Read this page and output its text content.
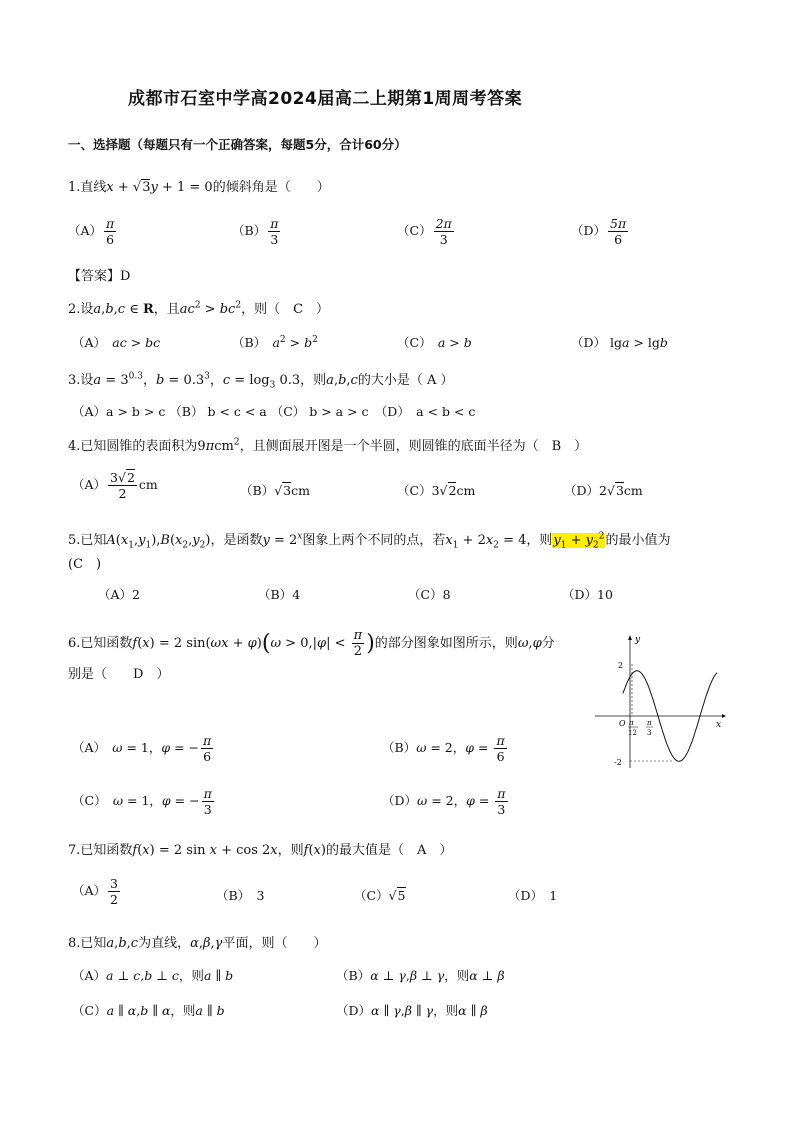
成都市石室中学高2024届高二上期第1周周考答案
一、选择题（每题只有一个正确答案，每题5分，合计60分）
1.直线x + √3y + 1 = 0的倾斜角是（　　）
$(A) \frac{\pi}{6}$	$(B) \frac{\pi}{3}$	$(C) \frac{2\pi}{3}$	$(D) \frac{5\pi}{6}$
【答案】D
2.设a,b,c ∈ R，且$ac^2 > bc^2$，则（　C　）
（A）　 ac > bc	（B）　 $a^2 > b^2$	（C）　 a > b	（D） lga > lgb
3.设$a = 3^{0.3}$，$b = 0.3^3$，$c = \log_3 0.3$，则a,b,c的大小是（ A ）
（A）a > b > c （B） b < c < a （C） b > a > c　（D）　a < b < c
4.已知圆锥的表面积为9πcm$^2$，且侧面展开图是一个半圆，则圆锥的底面半径为（　B　）
$(A) \frac{3√2}{2}$ cm	（B）√3cm	（C）3√2cm	（D）2√3cm
5.已知$A(x_1,y_1),B(x_2,y_2)$，是函数$y = 2^x$图象上两个不同的点，若$x_1 + 2x_2 = 4$，则$y_1 + y_2^2$的最小值为
(C　)
（A）2	（B）4	（C）8	（D）10
6.已知函数f(x) = 2 $\sin(\omega x + \varphi)(\omega > 0,|\varphi| < \frac{\pi}{2}$ )的部分图象如图所示，则ω,φ分
别是（　　D　）
y
x
O
2
-2
π
12
π
3
（A）　 ω = 1，φ = − $\frac{\pi}{6}$	（B）ω = 2，$\varphi = \frac{\pi}{6}$
（C）　 ω = 1，φ = − $\frac{\pi}{3}$	（D）ω = 2，$\varphi = \frac{\pi}{3}$
7.已知函数f(x) = 2 sin x + cos 2x，则f(x)的最大值是（　A　）
$(A) \frac{3}{2}$	（B）　 3	（C）√5	（D）　 1
8.已知a,b,c为直线，α,β,γ平面，则（　　）
（A）a ⊥ c,b ⊥ c，则a ∥ b	（B）α ⊥ γ,β ⊥ γ，则α ⊥ β
（C）a ∥ α,b ∥ α，则a ∥ b	（D）α ∥ γ,β ∥ γ，则α ∥ β
